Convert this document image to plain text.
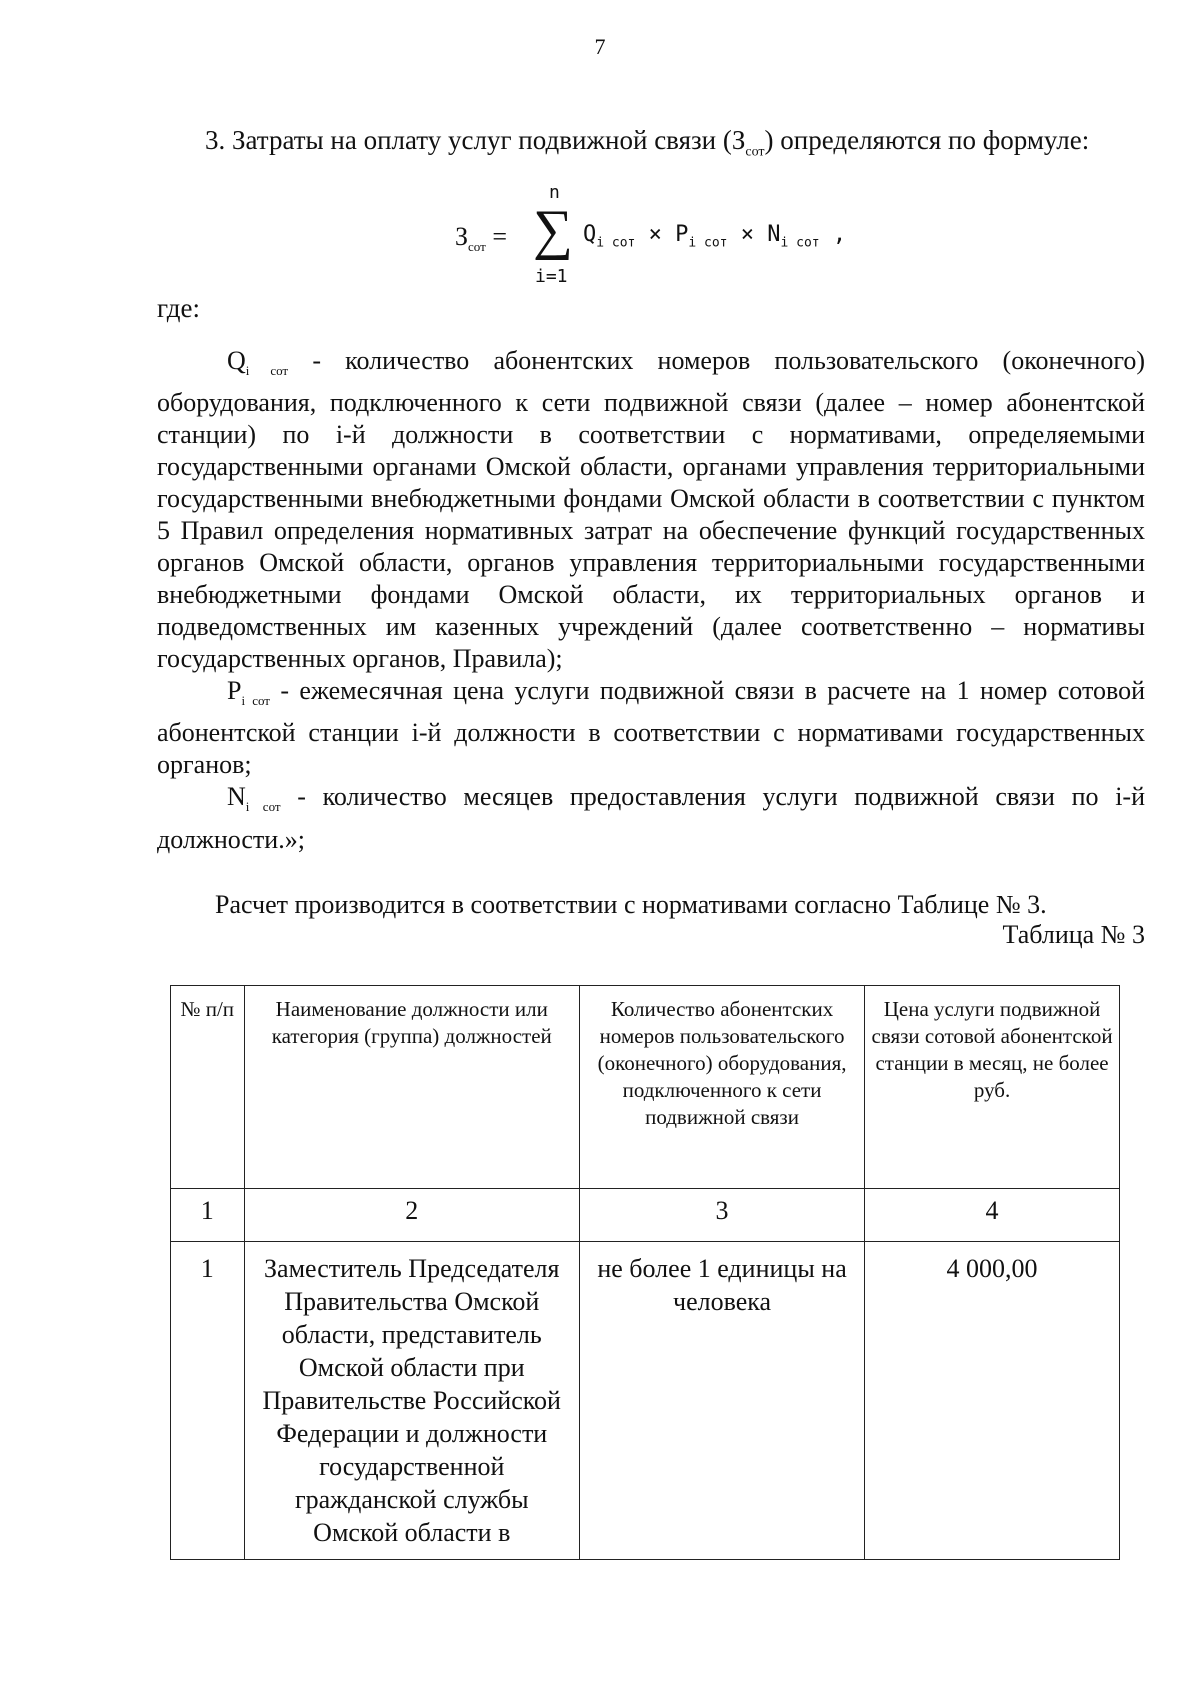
7
3. Затраты на оплату услуг подвижной связи $(З_{сот})$ определяются по формуле:
$З_{сот}$ =
n
∑
i=1
$Q_{i сот} \times P_{i сот} \times N_{i сот}$ ,
где:

$Q_{i сот}$ - количество абонентских номеров пользовательского (оконечного) оборудования, подключенного к сети подвижной связи (далее – номер абонентской станции) по i-й должности в соответствии с нормативами, определяемыми государственными органами Омской области, органами управления территориальными государственными внебюджетными фондами Омской области в соответствии с пунктом 5 Правил определения нормативных затрат на обеспечение функций государственных органов Омской области, органов управления территориальными государственными внебюджетными фондами Омской области, их территориальных органов и подведомственных им казенных учреждений (далее соответственно – нормативы государственных органов, Правила);

$P_{i сот}$ - ежемесячная цена услуги подвижной связи в расчете на 1 номер сотовой абонентской станции i-й должности в соответствии с нормативами государственных органов;

$N_{i сот}$ - количество месяцев предоставления услуги подвижной связи по i-й должности.»;

Расчет производится в соответствии с нормативами согласно Таблице № 3.
Таблица № 3
№ п/п	Наименование должности или категория (группа) должностей	Количество абонентских номеров пользовательского (оконечного) оборудования, подключенного к сети подвижной связи	Цена услуги подвижной связи сотовой абонентской станции в месяц, не более руб.
1	2	3	4
1	Заместитель Председателя Правительства Омской области, представитель Омской области при Правительстве Российской Федерации и должности государственной гражданской службы Омской области в	не более 1 единицы на человека	4 000,00
